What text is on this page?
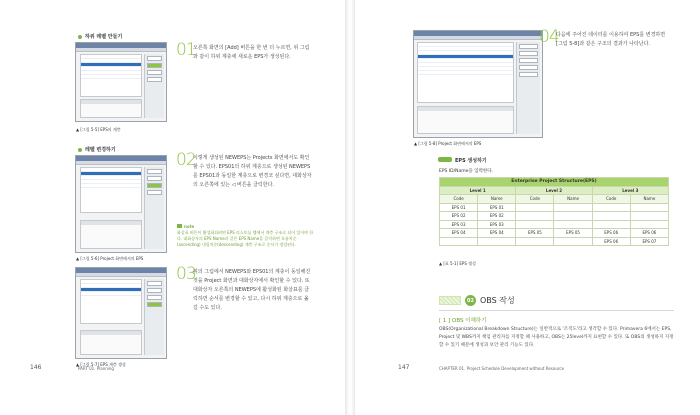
하위 레벨 만들기
▲ [그림 5-5] EPS의 계층
레벨 변경하기
▲ [그림 5-6] Project 화면에서의 EPS
▲ [그림 5-7] EPS 계층 생성
01
오른쪽 화면의 [Add] 버튼을 한 번 더 누르면, 위 그림과 같이 하위 계층에 새로운 EPS가 생성된다.
02
이렇게 생성된 NEWEPS는 Projects 화면에서도 확인할 수 있다. EPS01의 하위 계층으로 생성된 NEWEPS를 EPS01과 동일한 계층으로 변경코 싶다면, 대화상자의 오른쪽에 있는 ◁ 버튼을 클릭한다.
note
화살표 버튼이 활성화되려면 EPS 리스트를 탭에서 계층 구조로 되어 있어야 한다. 대화상자의 EPS Name과 같은 EPS Name을 클릭하면 오름차순(ascending) 내림차순(descending) 계층 구조로 순서가 정렬된다.
03
위의 그림에서 NEWEPS와 EPS01의 계층이 동일해진 것을 Project 화면과 대화상자에서 확인할 수 있다. 또 대화상자 오른쪽의 NEWEPS에 활성화된 화살표를 클릭하면 순서를 변경할 수 있고, 다시 하위 계층으로 옮길 수도 있다.
146	PART 01. Planning
▲ [그림 5-8] Project 화면에서의 EPS
04
다음에 주어진 데이터를 이용하여 EPS를 변경하면 [그림 5-8]과 같은 구조의 결과가 나타난다.
EPS 생성하기
EPS ID/Name을 입력한다.
Enterprise Project Structure(EPS)					
Level 1		Level 2		Level 3	
Code	Name	Code	Name	Code	Name
EPS 01	EPS 01				
EPS 02	EPS 02				
EPS 03	EPS 03				
EPS 04	EPS 04	EPS 05	EPS 05	EPS 06	EPS 06
				EPS 06	EPS 07
▲ [표 5-1] EPS 생성
02 OBS 작성
[ 1 ] OBS 이해하기
OBS(Organizational Breakdown Structure)는 일반적으로 '조직도'라고 생각할 수 있다. Primavera 6에서는 EPS, Project 및 WBS까지 책임 관리자를 지정할 때 사용하고, OBS는 25level까지 표현할 수 있다. 또 OBS의 생성하지 지정할 수 있기 때문에 생성과 보안 관리 기능도 있다.
147	CHAPTER 01. Project Schedule Development without Resource
